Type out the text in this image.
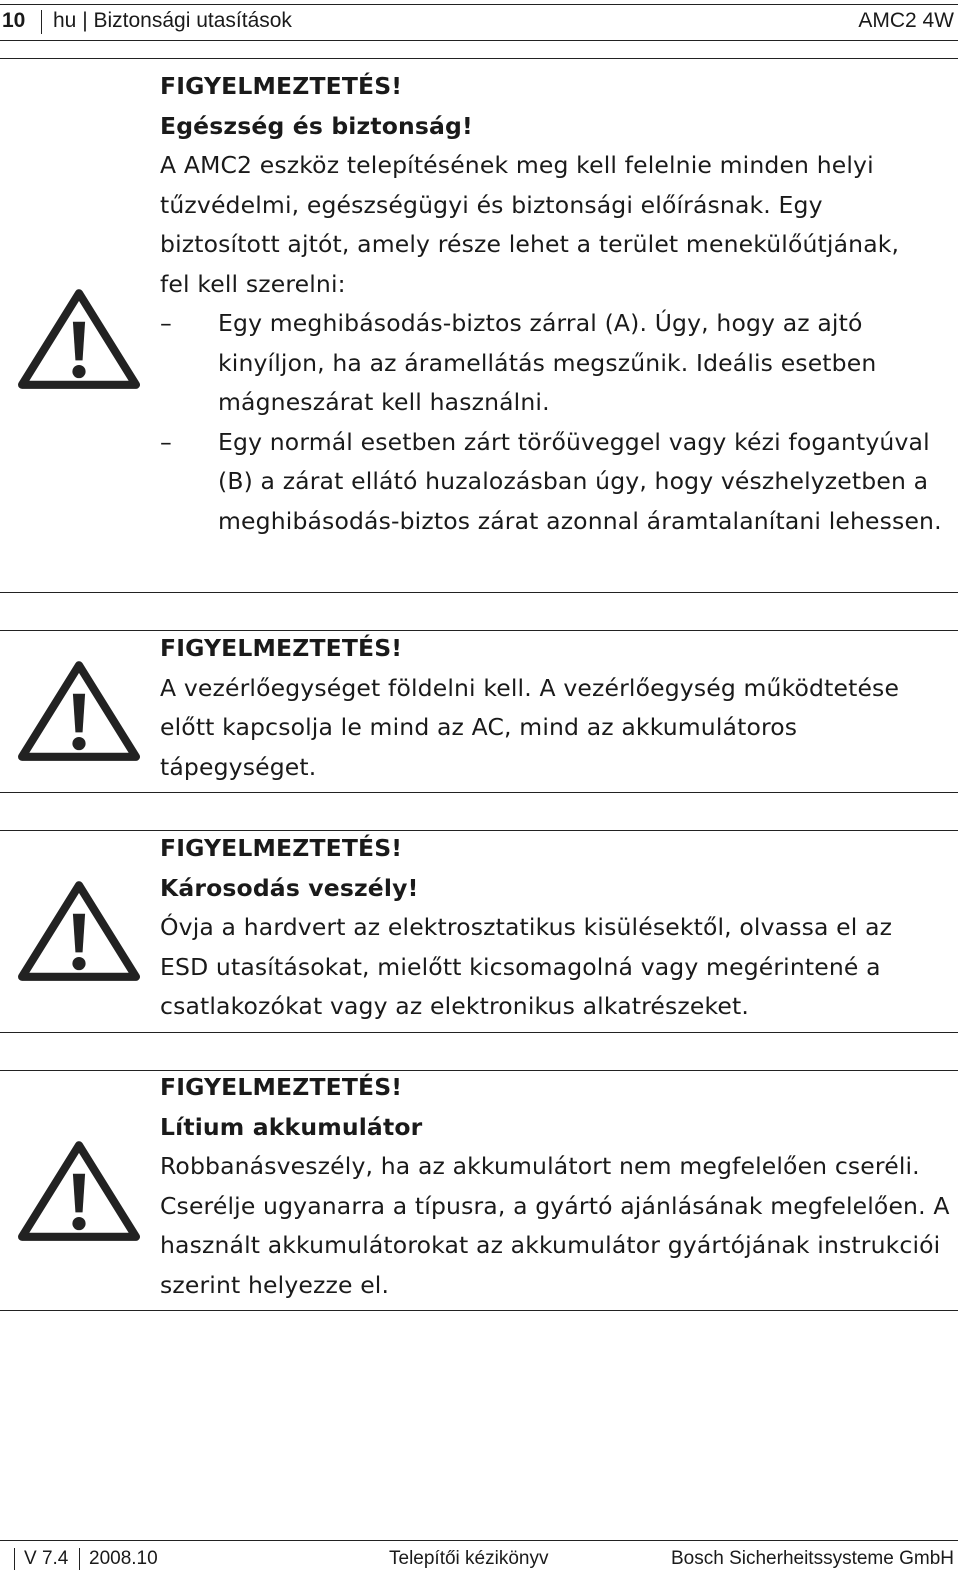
10 hu | Biztonsági utasítások	AMC2 4W
FIGYELMEZTETÉS!
Egészség és biztonság!
A AMC2 eszköz telepítésének meg kell felelnie minden helyi tűzvédelmi, egészségügyi és biztonsági előírásnak. Egy biztosított ajtót, amely része lehet a terület menekülőútjának, fel kell szerelni:
– Egy meghibásodás-biztos zárral (A). Úgy, hogy az ajtó kinyíljon, ha az áramellátás megszűnik. Ideális esetben mágneszárat kell használni.
– Egy normál esetben zárt törőüveggel vagy kézi fogantyúval (B) a zárat ellátó huzalozásban úgy, hogy vészhelyzetben a meghibásodás-biztos zárat azonnal áramtalanítani lehessen.
FIGYELMEZTETÉS!
A vezérlőegységet földelni kell. A vezérlőegység működtetése előtt kapcsolja le mind az AC, mind az akkumulátoros tápegységet.
FIGYELMEZTETÉS!
Károsodás veszély!
Óvja a hardvert az elektrosztatikus kisülésektől, olvassa el az ESD utasításokat, mielőtt kicsomagolná vagy megérintené a csatlakozókat vagy az elektronikus alkatrészeket.
FIGYELMEZTETÉS!
Lítium akkumulátor
Robbanásveszély, ha az akkumulátort nem megfelelően cseréli. Cserélje ugyanarra a típusra, a gyártó ajánlásának megfelelően. A használt akkumulátorokat az akkumulátor gyártójának instrukciói szerint helyezze el.
V 7.4 2008.10	Telepítői kézikönyv	Bosch Sicherheitssysteme GmbH
